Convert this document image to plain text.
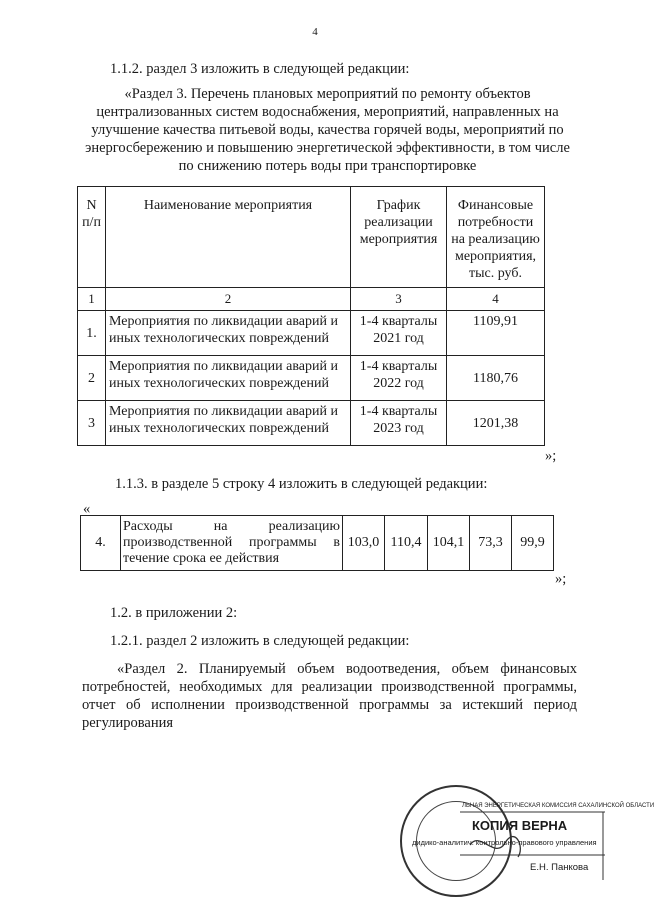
4
1.1.2. раздел 3 изложить в следующей редакции:
«Раздел 3. Перечень плановых мероприятий по ремонту объектов централизованных систем водоснабжения, мероприятий, направленных на улучшение качества питьевой воды, качества горячей воды, мероприятий по энергосбережению и повышению энергетической эффективности, в том числе по снижению потерь воды при транспортировке
N п/п	Наименование мероприятия	График реализации мероприятия	Финансовые потребности на реализацию мероприятия, тыс. руб.
1	2	3	4
1.	Мероприятия по ликвидации аварий и иных технологических повреждений	1-4 кварталы 2021 год	1109,91
2	Мероприятия по ликвидации аварий и иных технологических повреждений	1-4 кварталы 2022 год	1180,76
3	Мероприятия по ликвидации аварий и иных технологических повреждений	1-4 кварталы 2023 год	1201,38
»;
1.1.3. в разделе 5 строку 4 изложить в следующей редакции:
«
4.	Расходы на реализацию производственной программы в течение срока ее действия	103,0	110,4	104,1	73,3	99,9
»;
1.2. в приложении 2:
1.2.1. раздел 2 изложить в следующей редакции:
«Раздел 2. Планируемый объем водоотведения, объем финансовых потребностей, необходимых для реализации производственной программы, отчет об исполнении производственной программы за истекший период регулирования
ЛЬНАЯ ЭНЕРГЕТИЧЕСКАЯ КОМИССИЯ САХАЛИНСКОЙ ОБЛАСТИ
КОПИЯ ВЕРНА
дидико-аналитич. контрольно-правового управления
Е.Н. Панкова
